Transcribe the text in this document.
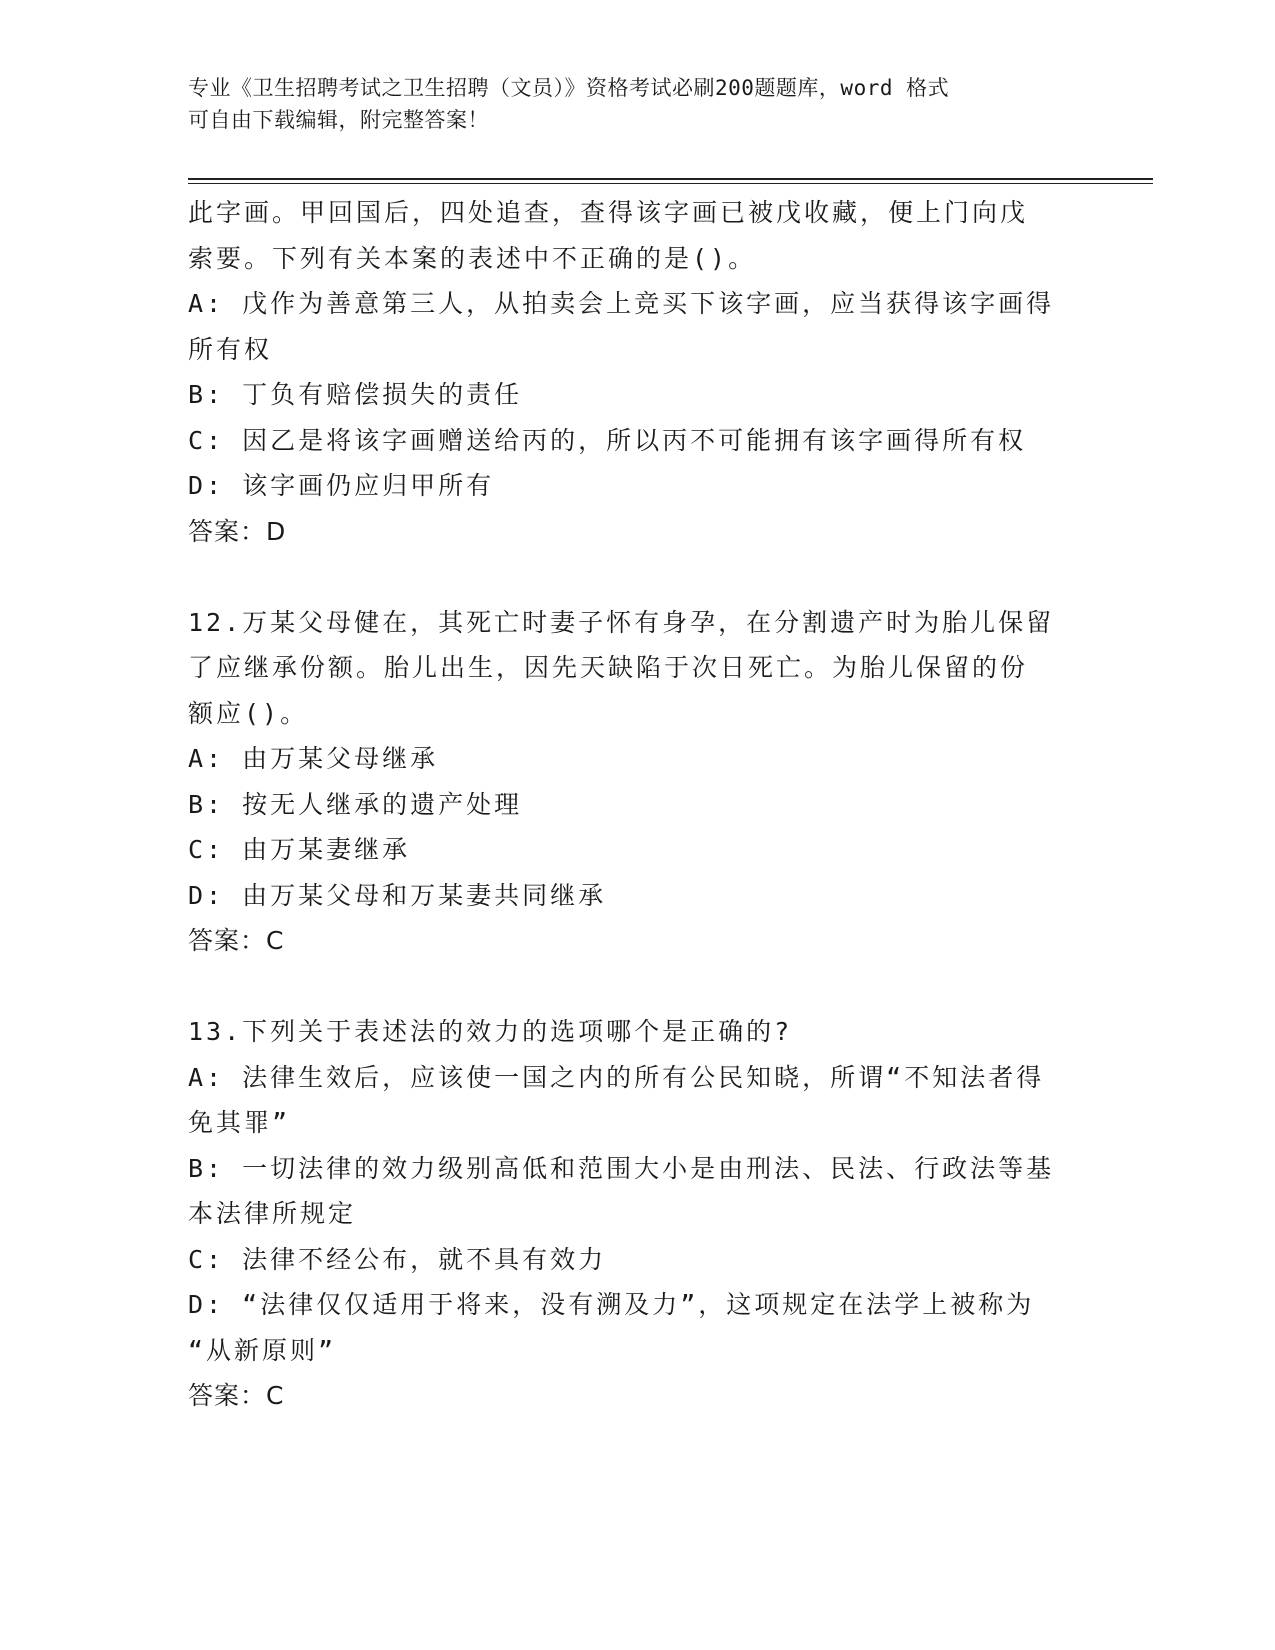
专业《卫生招聘考试之卫生招聘（文员）》资格考试必刷200题题库，word 格式
可自由下载编辑，附完整答案！
此字画。甲回国后，四处追查，查得该字画已被戊收藏，便上门向戊
索要。下列有关本案的表述中不正确的是()。
A: 戊作为善意第三人，从拍卖会上竞买下该字画，应当获得该字画得
所有权
B: 丁负有赔偿损失的责任
C: 因乙是将该字画赠送给丙的，所以丙不可能拥有该字画得所有权
D: 该字画仍应归甲所有
答案：D
12.万某父母健在，其死亡时妻子怀有身孕，在分割遗产时为胎儿保留
了应继承份额。胎儿出生，因先天缺陷于次日死亡。为胎儿保留的份
额应()。
A: 由万某父母继承
B: 按无人继承的遗产处理
C: 由万某妻继承
D: 由万某父母和万某妻共同继承
答案：C
13.下列关于表述法的效力的选项哪个是正确的?
A: 法律生效后，应该使一国之内的所有公民知晓，所谓“不知法者得
免其罪”
B: 一切法律的效力级别高低和范围大小是由刑法、民法、行政法等基
本法律所规定
C: 法律不经公布，就不具有效力
D: “法律仅仅适用于将来，没有溯及力”，这项规定在法学上被称为
“从新原则”
答案：C
